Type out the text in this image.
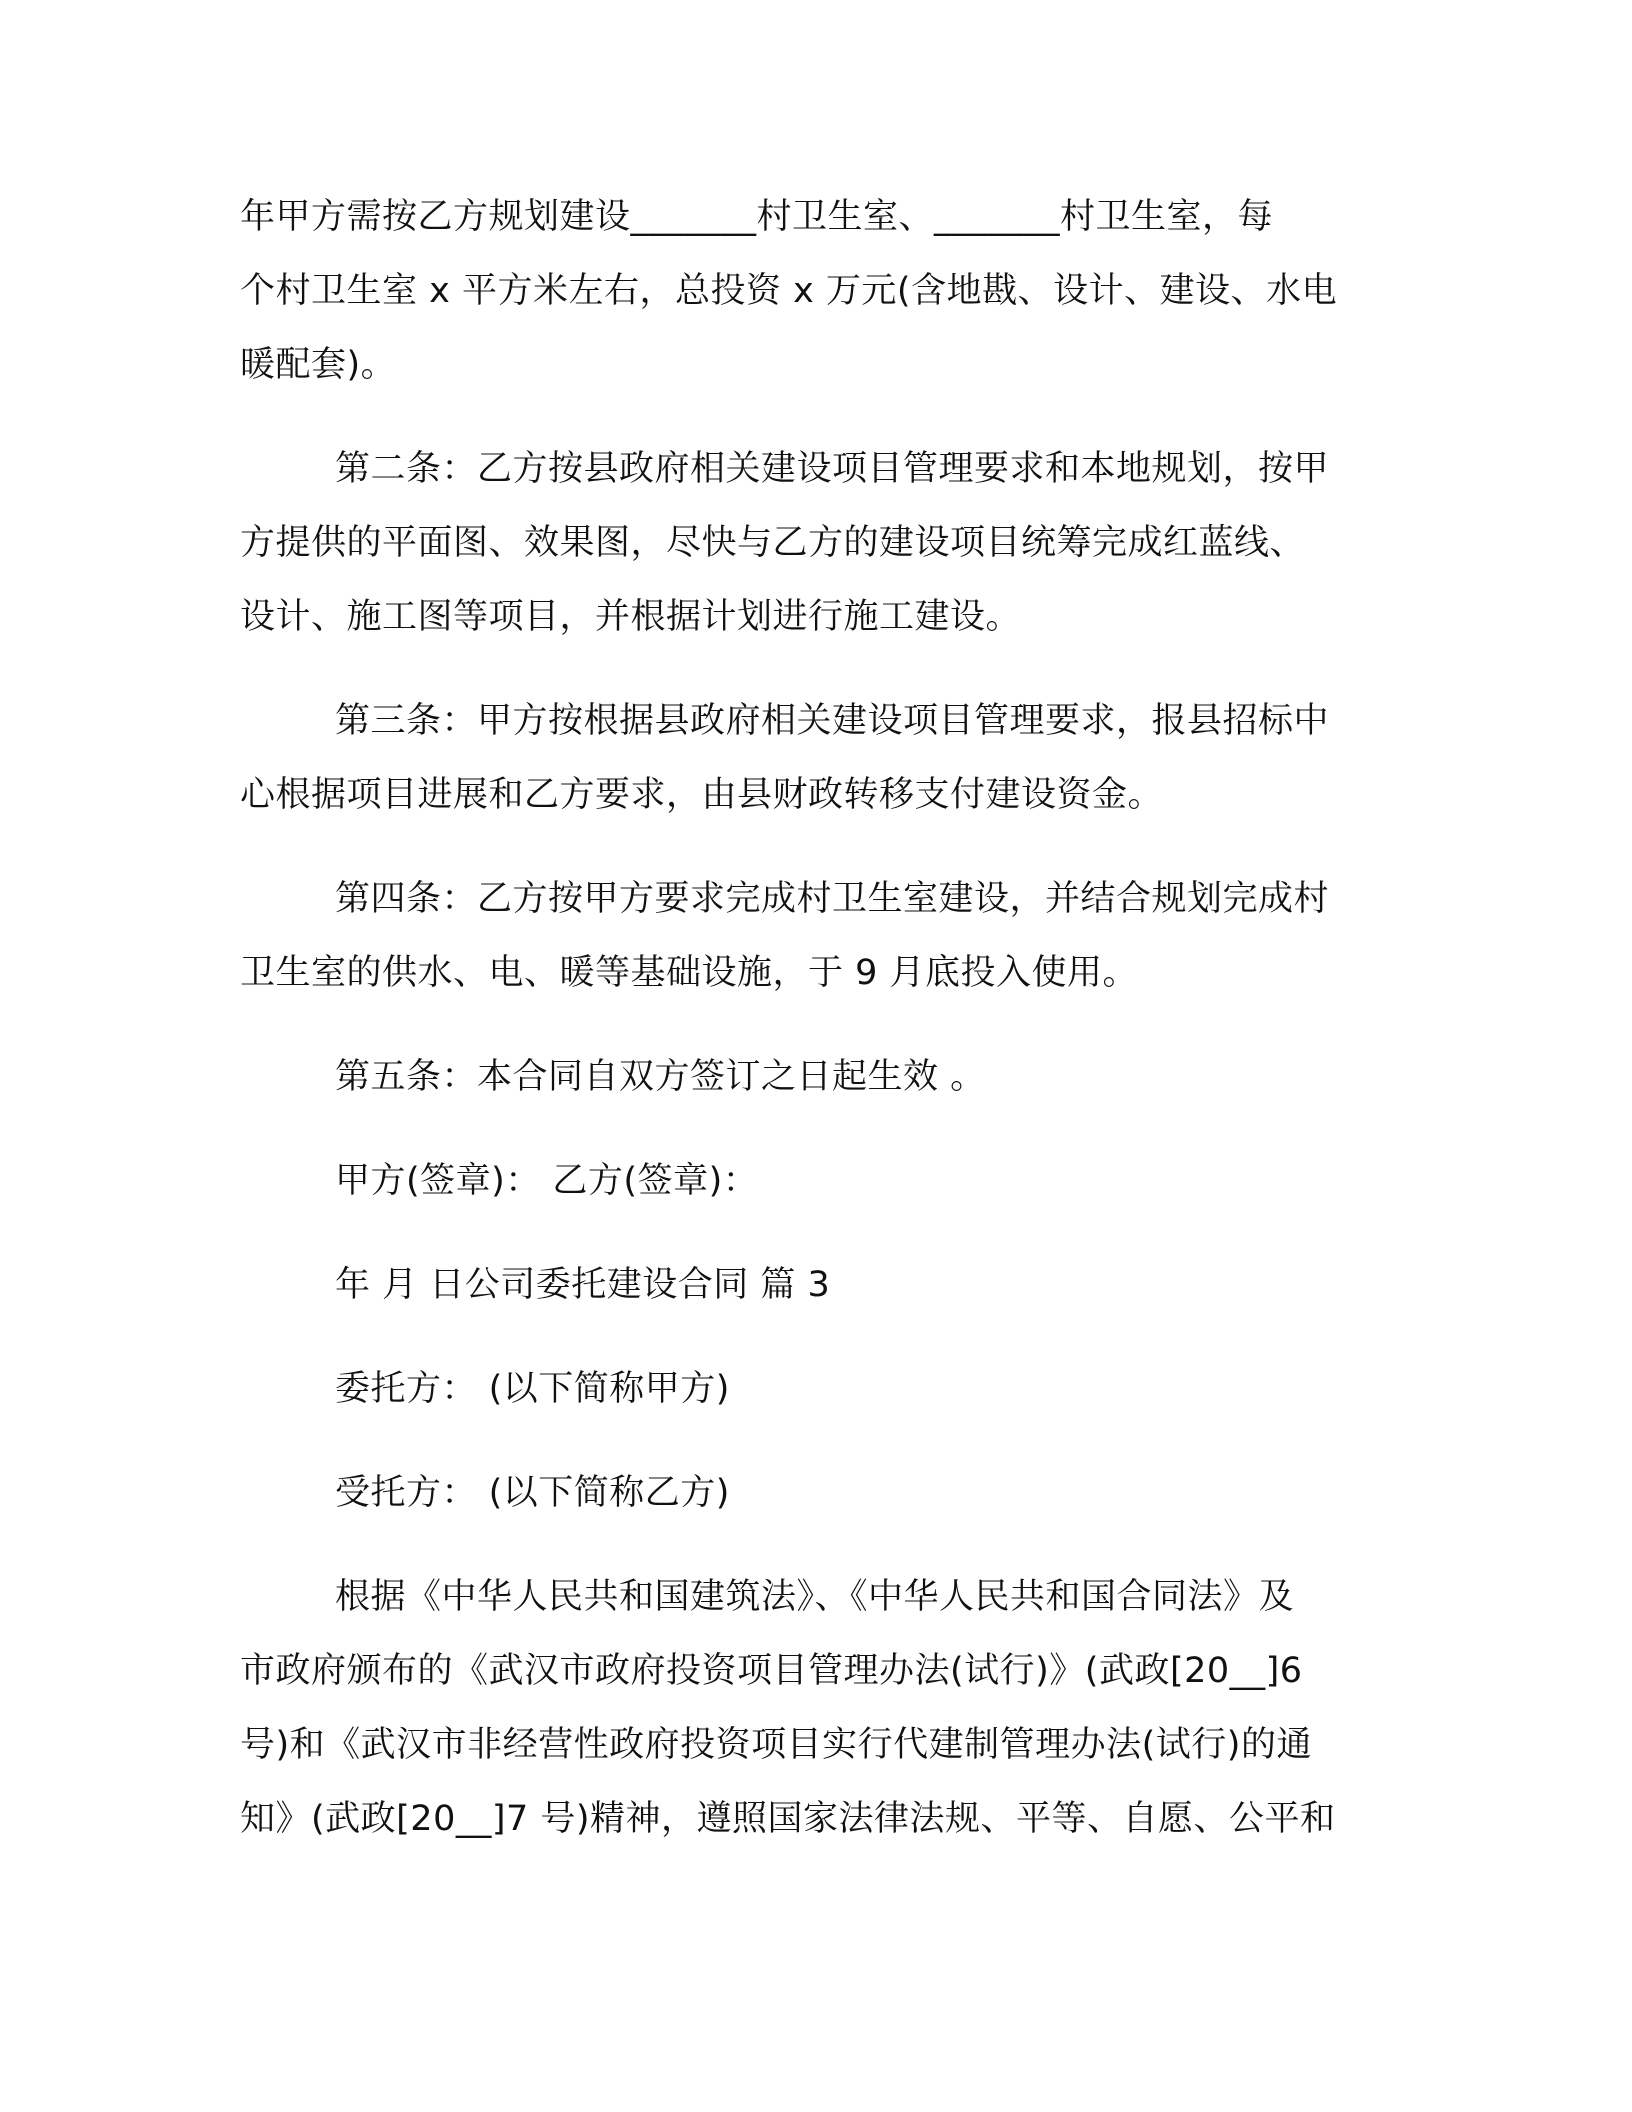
年甲方需按乙方规划建设_______村卫生室、_______村卫生室，每
个村卫生室 x 平方米左右，总投资 x 万元(含地戡、设计、建设、水电
暖配套)。
第二条：乙方按县政府相关建设项目管理要求和本地规划，按甲
方提供的平面图、效果图，尽快与乙方的建设项目统筹完成红蓝线、
设计、施工图等项目，并根据计划进行施工建设。
第三条：甲方按根据县政府相关建设项目管理要求，报县招标中
心根据项目进展和乙方要求，由县财政转移支付建设资金。
第四条：乙方按甲方要求完成村卫生室建设，并结合规划完成村
卫生室的供水、电、暖等基础设施，于 9 月底投入使用。
第五条：本合同自双方签订之日起生效 。
甲方(签章)： 乙方(签章)：
年 月 日公司委托建设合同 篇 3
委托方： (以下简称甲方)
受托方： (以下简称乙方)
根据《中华人民共和国建筑法》、《中华人民共和国合同法》及
市政府颁布的《武汉市政府投资项目管理办法(试行)》(武政[20__]6
号)和《武汉市非经营性政府投资项目实行代建制管理办法(试行)的通
知》(武政[20__]7 号)精神，遵照国家法律法规、平等、自愿、公平和
